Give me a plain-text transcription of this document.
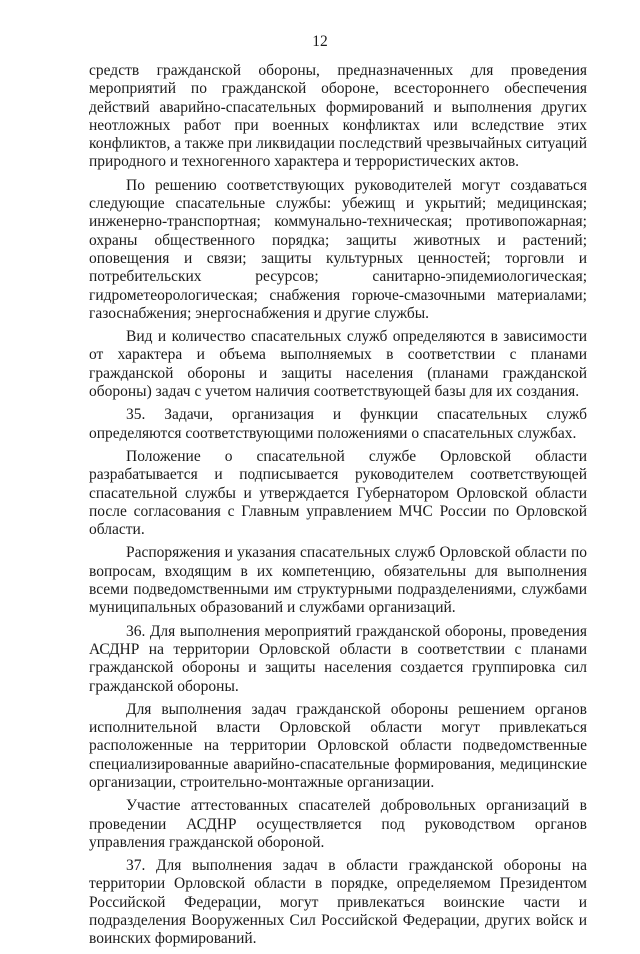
12

средств гражданской обороны, предназначенных для проведения мероприятий по гражданской обороне, всестороннего обеспечения действий аварийно-спасательных формирований и выполнения других неотложных работ при военных конфликтах или вследствие этих конфликтов, а также при ликвидации последствий чрезвычайных ситуаций природного и техногенного характера и террористических актов.

По решению соответствующих руководителей могут создаваться следующие спасательные службы: убежищ и укрытий; медицинская; инженерно-транспортная; коммунально-техническая; противопожарная; охраны общественного порядка; защиты животных и растений; оповещения и связи; защиты культурных ценностей; торговли и потребительских ресурсов; санитарно-эпидемиологическая; гидрометеорологическая; снабжения горюче-смазочными материалами; газоснабжения; энергоснабжения и другие службы.

Вид и количество спасательных служб определяются в зависимости от характера и объема выполняемых в соответствии с планами гражданской обороны и защиты населения (планами гражданской обороны) задач с учетом наличия соответствующей базы для их создания.

35. Задачи, организация и функции спасательных служб определяются соответствующими положениями о спасательных службах.

Положение о спасательной службе Орловской области разрабатывается и подписывается руководителем соответствующей спасательной службы и утверждается Губернатором Орловской области после согласования с Главным управлением МЧС России по Орловской области.

Распоряжения и указания спасательных служб Орловской области по вопросам, входящим в их компетенцию, обязательны для выполнения всеми подведомственными им структурными подразделениями, службами муниципальных образований и службами организаций.

36. Для выполнения мероприятий гражданской обороны, проведения АСДНР на территории Орловской области в соответствии с планами гражданской обороны и защиты населения создается группировка сил гражданской обороны.

Для выполнения задач гражданской обороны решением органов исполнительной власти Орловской области могут привлекаться расположенные на территории Орловской области подведомственные специализированные аварийно-спасательные формирования, медицинские организации, строительно-монтажные организации.

Участие аттестованных спасателей добровольных организаций в проведении АСДНР осуществляется под руководством органов управления гражданской обороной.

37. Для выполнения задач в области гражданской обороны на территории Орловской области в порядке, определяемом Президентом Российской Федерации, могут привлекаться воинские части и подразделения Вооруженных Сил Российской Федерации, других войск и воинских формирований.
